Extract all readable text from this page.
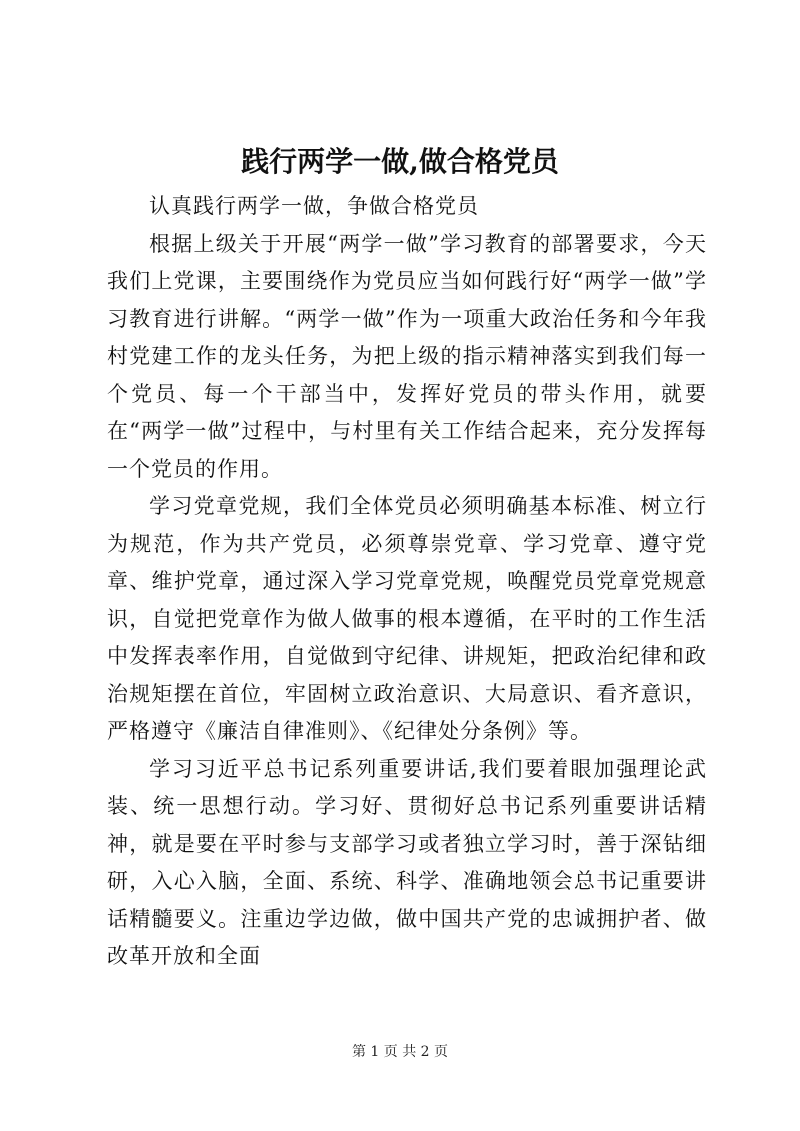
践行两学一做,做合格党员

认真践行两学一做，争做合格党员

根据上级关于开展“两学一做”学习教育的部署要求，今天我们上党课，主要围绕作为党员应当如何践行好“两学一做”学习教育进行讲解。“两学一做”作为一项重大政治任务和今年我村党建工作的龙头任务，为把上级的指示精神落实到我们每一个党员、每一个干部当中，发挥好党员的带头作用，就要在“两学一做”过程中，与村里有关工作结合起来，充分发挥每一个党员的作用。

学习党章党规，我们全体党员必须明确基本标准、树立行为规范，作为共产党员，必须尊崇党章、学习党章、遵守党章、维护党章，通过深入学习党章党规，唤醒党员党章党规意识，自觉把党章作为做人做事的根本遵循，在平时的工作生活中发挥表率作用，自觉做到守纪律、讲规矩，把政治纪律和政治规矩摆在首位，牢固树立政治意识、大局意识、看齐意识，严格遵守《廉洁自律准则》、《纪律处分条例》等。

学习习近平总书记系列重要讲话,我们要着眼加强理论武装、统一思想行动。学习好、贯彻好总书记系列重要讲话精神，就是要在平时参与支部学习或者独立学习时，善于深钻细研，入心入脑，全面、系统、科学、准确地领会总书记重要讲话精髓要义。注重边学边做，做中国共产党的忠诚拥护者、做改革开放和全面

第 1 页 共 2 页
